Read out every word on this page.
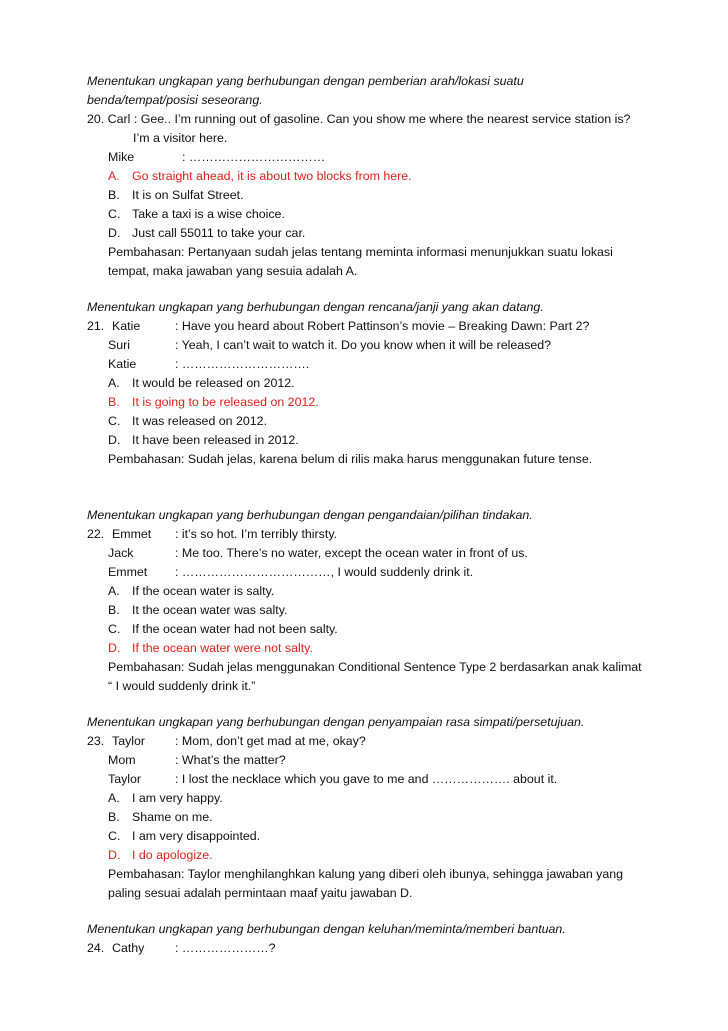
Menentukan ungkapan yang berhubungan dengan pemberian arah/lokasi suatu
benda/tempat/posisi seseorang.
20. Carl : Gee.. I’m running out of gasoline. Can you show me where the nearest service station is?
I’m a visitor here.
Mike	: ……………………………
A. Go straight ahead, it is about two blocks from here.
B. It is on Sulfat Street.
C. Take a taxi is a wise choice.
D. Just call 55011 to take your car.
Pembahasan: Pertanyaan sudah jelas tentang meminta informasi menunjukkan suatu lokasi
tempat, maka jawaban yang sesuia adalah A.
Menentukan ungkapan yang berhubungan dengan rencana/janji yang akan datang.
21. Katie	: Have you heard about Robert Pattinson’s movie – Breaking Dawn: Part 2?
Suri	: Yeah, I can’t wait to watch it. Do you know when it will be released?
Katie	: ………………………….
A. It would be released on 2012.
B. It is going to be released on 2012.
C. It was released on 2012.
D. It have been released in 2012.
Pembahasan: Sudah jelas, karena belum di rilis maka harus menggunakan future tense.
Menentukan ungkapan yang berhubungan dengan pengandaian/pilihan tindakan.
22. Emmet : it’s so hot. I’m terribly thirsty.
Jack	: Me too. There’s no water, except the ocean water in front of us.
Emmet : ………………………………, I would suddenly drink it.
A. If the ocean water is salty.
B. It the ocean water was salty.
C. If the ocean water had not been salty.
D. If the ocean water were not salty.
Pembahasan: Sudah jelas menggunakan Conditional Sentence Type 2 berdasarkan anak kalimat
“ I would suddenly drink it.”
Menentukan ungkapan yang berhubungan dengan penyampaian rasa simpati/persetujuan.
23. Taylor : Mom, don’t get mad at me, okay?
Mom	: What’s the matter?
Taylor	: I lost the necklace which you gave to me and ………………. about it.
A. I am very happy.
B. Shame on me.
C. I am very disappointed.
D. I do apologize.
Pembahasan: Taylor menghilanghkan kalung yang diberi oleh ibunya, sehingga jawaban yang
paling sesuai adalah permintaan maaf yaitu jawaban D.
Menentukan ungkapan yang berhubungan dengan keluhan/meminta/memberi bantuan.
24. Cathy : …………………?
